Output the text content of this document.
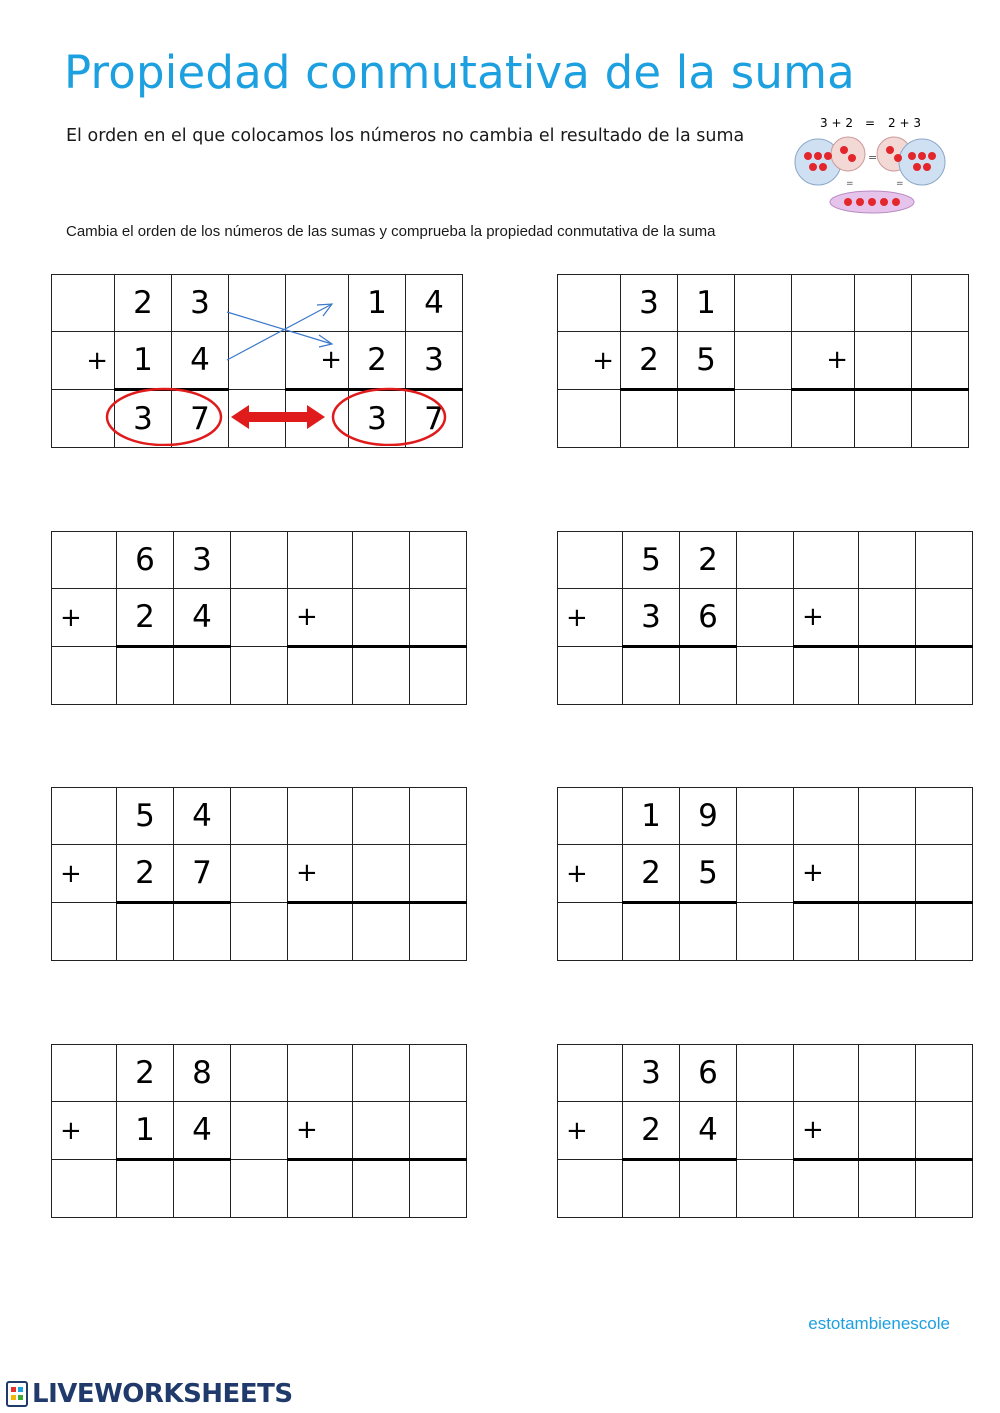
Propiedad conmutativa de la suma
El orden en el que colocamos los números no cambia el resultado de la suma
3 + 2 = 2 + 3
=
=	=
Cambia el orden de los números de las sumas y comprueba la propiedad conmutativa de la suma
	2	3			1	4
+	1	4		+	2	3
	3	7			3	7
	3	1				
+	2	5		+		

	6	3				
+	2	4		+		

	5	2				
+	3	6		+		

	5	4				
+	2	7		+		

	1	9				
+	2	5		+		

	2	8				
+	1	4		+		

	3	6				
+	2	4		+		

estotambienescole
LIVEWORKSHEETS
